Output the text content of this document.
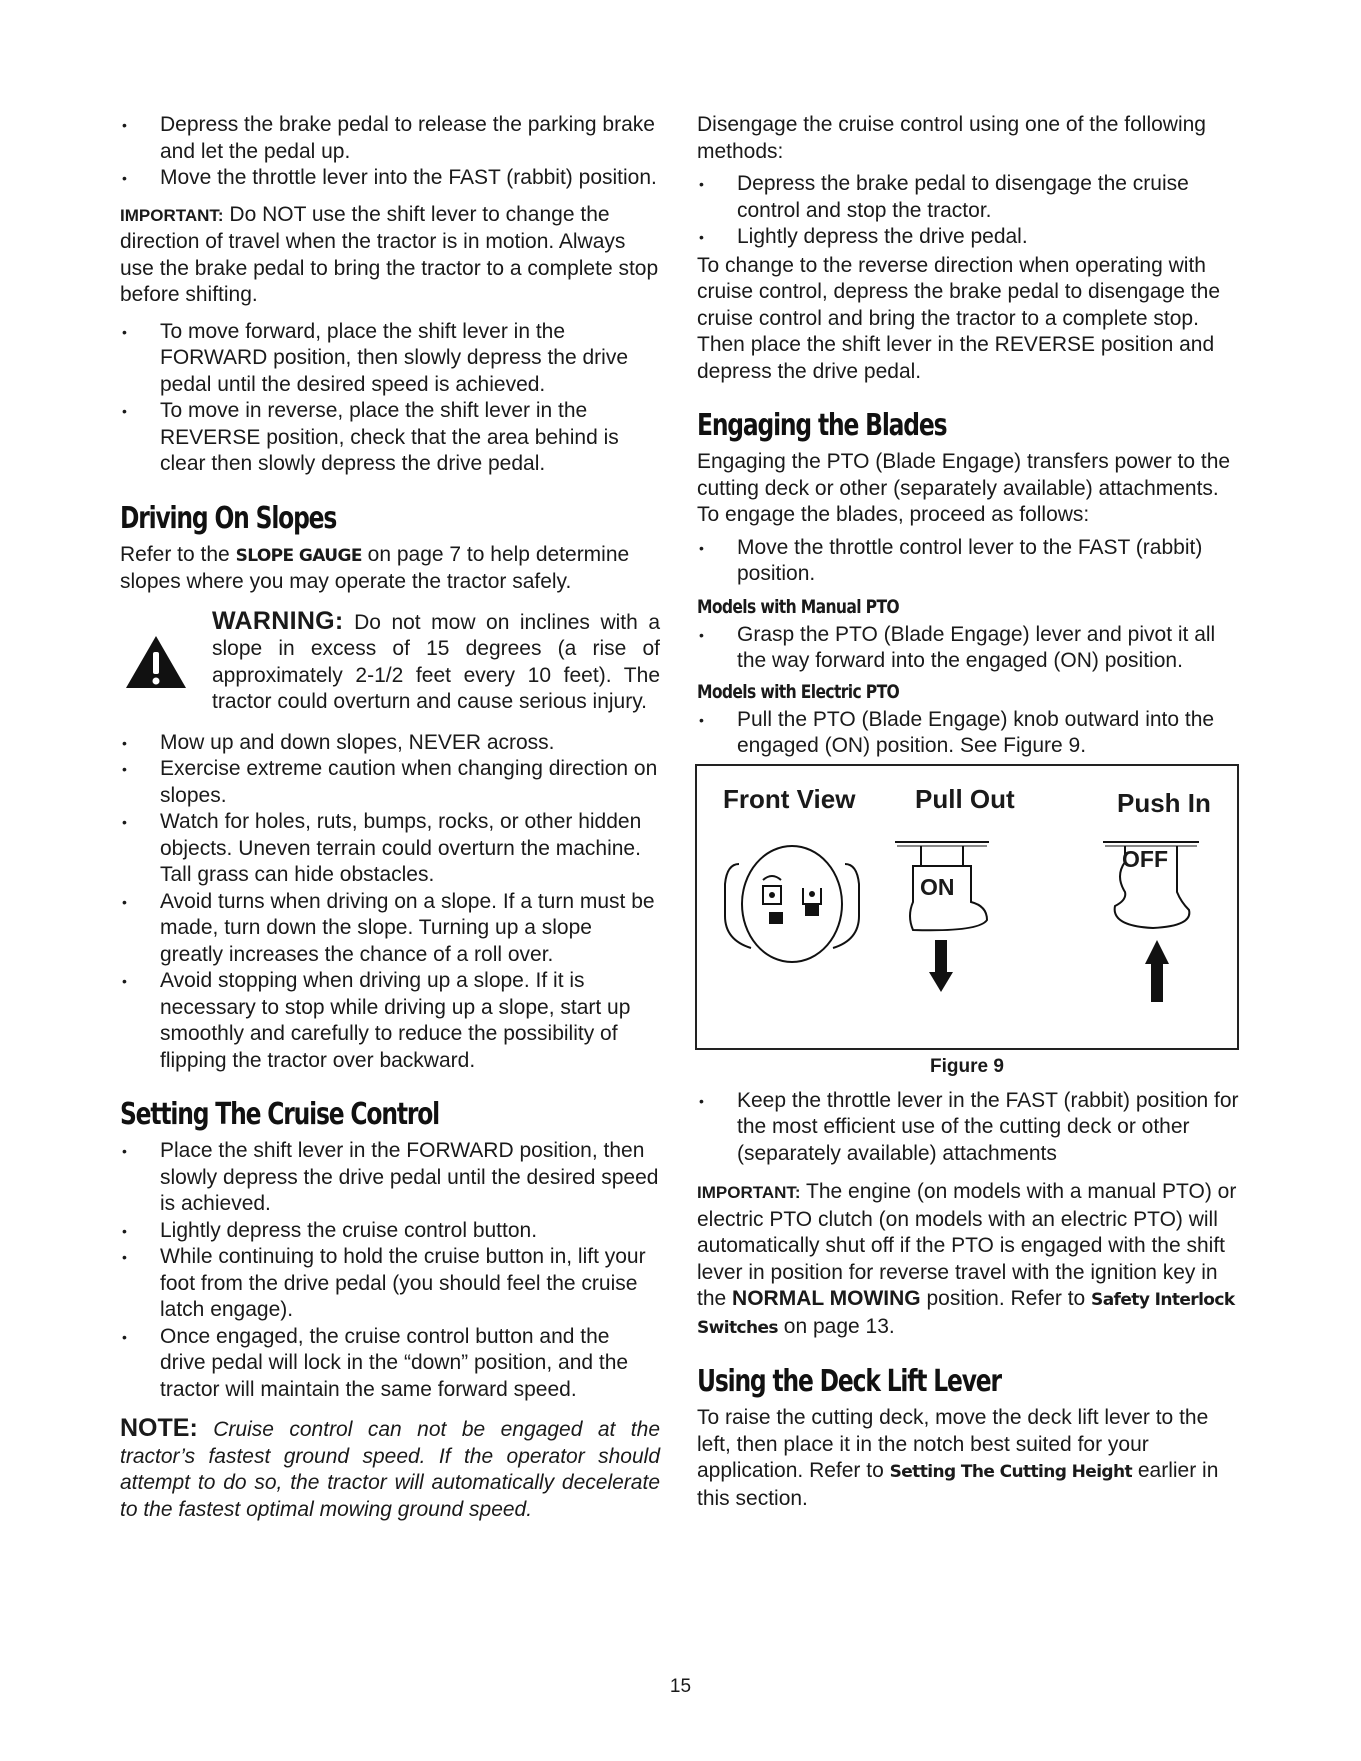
• Depress the brake pedal to release the parking brake and let the pedal up.
• Move the throttle lever into the FAST (rabbit) position.

IMPORTANT: Do NOT use the shift lever to change the direction of travel when the tractor is in motion. Always use the brake pedal to bring the tractor to a complete stop before shifting.

• To move forward, place the shift lever in the FORWARD position, then slowly depress the drive pedal until the desired speed is achieved.
• To move in reverse, place the shift lever in the REVERSE position, check that the area behind is clear then slowly depress the drive pedal.
Driving On Slopes

Refer to the SLOPE GAUGE on page 7 to help determine slopes where you may operate the tractor safely.

WARNING: Do not mow on inclines with a slope in excess of 15 degrees (a rise of approximately 2-1/2 feet every 10 feet). The tractor could overturn and cause serious injury.

• Mow up and down slopes, NEVER across.
• Exercise extreme caution when changing direction on slopes.
• Watch for holes, ruts, bumps, rocks, or other hidden objects. Uneven terrain could overturn the machine. Tall grass can hide obstacles.
• Avoid turns when driving on a slope. If a turn must be made, turn down the slope. Turning up a slope greatly increases the chance of a roll over.
• Avoid stopping when driving up a slope. If it is necessary to stop while driving up a slope, start up smoothly and carefully to reduce the possibility of flipping the tractor over backward.
Setting The Cruise Control
• Place the shift lever in the FORWARD position, then slowly depress the drive pedal until the desired speed is achieved.
• Lightly depress the cruise control button.
• While continuing to hold the cruise button in, lift your foot from the drive pedal (you should feel the cruise latch engage).
• Once engaged, the cruise control button and the drive pedal will lock in the “down” position, and the tractor will maintain the same forward speed.

NOTE: Cruise control can not be engaged at the tractor’s fastest ground speed. If the operator should attempt to do so, the tractor will automatically decelerate to the fastest optimal mowing ground speed.

Disengage the cruise control using one of the following methods:

• Depress the brake pedal to disengage the cruise control and stop the tractor.
• Lightly depress the drive pedal.

To change to the reverse direction when operating with cruise control, depress the brake pedal to disengage the cruise control and bring the tractor to a complete stop. Then place the shift lever in the REVERSE position and depress the drive pedal.

Engaging the Blades

Engaging the PTO (Blade Engage) transfers power to the cutting deck or other (separately available) attachments. To engage the blades, proceed as follows:

• Move the throttle control lever to the FAST (rabbit) position.
Models with Manual PTO
• Grasp the PTO (Blade Engage) lever and pivot it all the way forward into the engaged (ON) position.
Models with Electric PTO
• Pull the PTO (Blade Engage) knob outward into the engaged (ON) position. See Figure 9.
Front View Pull Out	Push In
ON
OFF
Figure 9
• Keep the throttle lever in the FAST (rabbit) position for the most efficient use of the cutting deck or other (separately available) attachments

IMPORTANT: The engine (on models with a manual PTO) or electric PTO clutch (on models with an electric PTO) will automatically shut off if the PTO is engaged with the shift lever in position for reverse travel with the ignition key in the NORMAL MOWING position. Refer to Safety Interlock Switches on page 13.

Using the Deck Lift Lever

To raise the cutting deck, move the deck lift lever to the left, then place it in the notch best suited for your application. Refer to Setting The Cutting Height earlier in this section.

15
